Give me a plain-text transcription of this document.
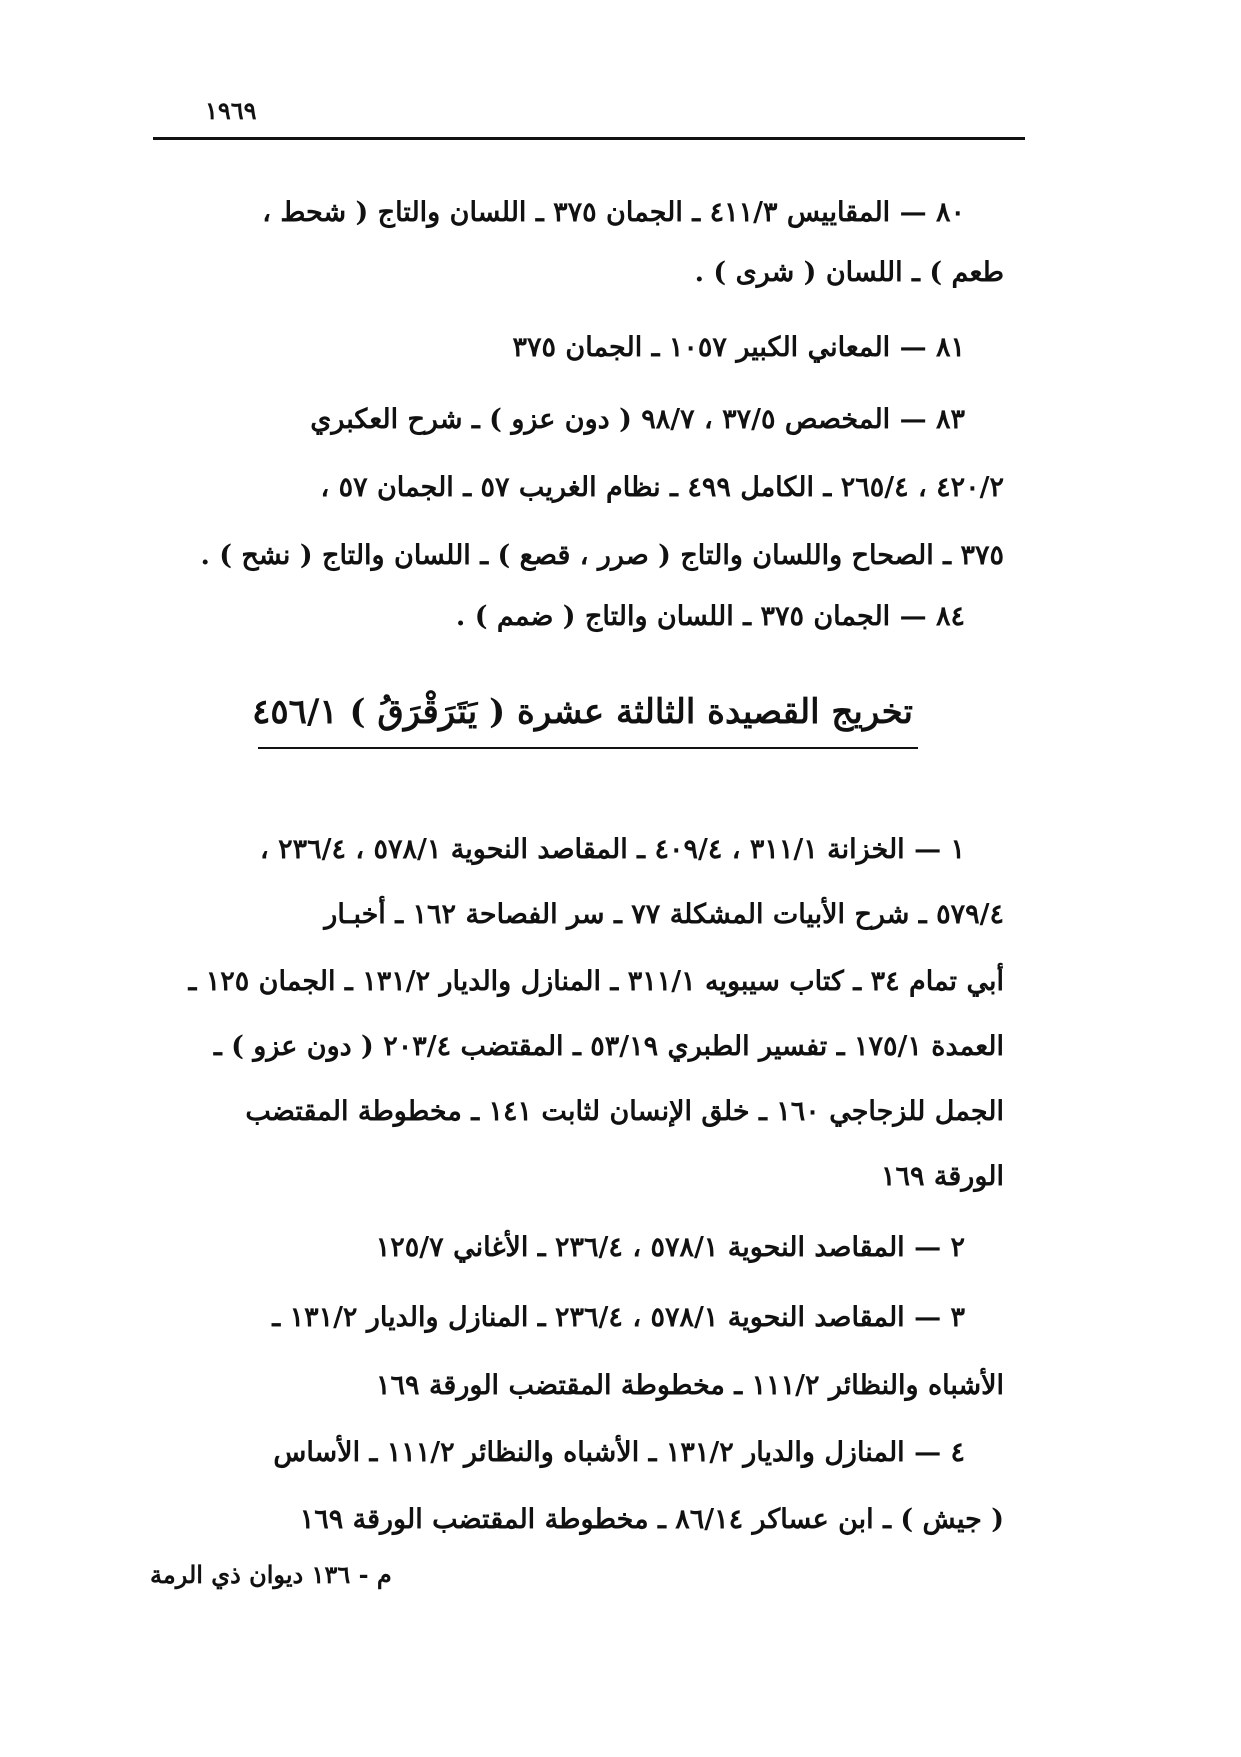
١٩٦٩
٨٠ — المقاييس ٤١١/٣ ـ الجمان ٣٧٥ ـ اللسان والتاج ( شحط ،
طعم ) ـ اللسان ( شرى ) .
٨١ — المعاني الكبير ١٠٥٧ ـ الجمان ٣٧٥
٨٣ — المخصص ٣٧/٥ ، ٩٨/٧ ( دون عزو ) ـ شرح العكبري
٤٢٠/٢ ، ٢٦٥/٤ ـ الكامل ٤٩٩ ـ نظام الغريب ٥٧ ـ الجمان ٥٧ ،
٣٧٥ ـ الصحاح واللسان والتاج ( صرر ، قصع ) ـ اللسان والتاج ( نشح ) .
٨٤ — الجمان ٣٧٥ ـ اللسان والتاج ( ضمم ) .
تخريج القصيدة الثالثة عشرة ( يَتَرَقْرَقُ ) ٤٥٦/١
١ — الخزانة ٣١١/١ ، ٤٠٩/٤ ـ المقاصد النحوية ٥٧٨/١ ، ٢٣٦/٤ ،
٥٧٩/٤ ـ شرح الأبيات المشكلة ٧٧ ـ سر الفصاحة ١٦٢ ـ أخبـار
أبي تمام ٣٤ ـ كتاب سيبويه ٣١١/١ ـ المنازل والديار ١٣١/٢ ـ الجمان ١٢٥ ـ
العمدة ١٧٥/١ ـ تفسير الطبري ٥٣/١٩ ـ المقتضب ٢٠٣/٤ ( دون عزو ) ـ
الجمل للزجاجي ١٦٠ ـ خلق الإنسان لثابت ١٤١ ـ مخطوطة المقتضب
الورقة ١٦٩
٢ — المقاصد النحوية ٥٧٨/١ ، ٢٣٦/٤ ـ الأغاني ١٢٥/٧
٣ — المقاصد النحوية ٥٧٨/١ ، ٢٣٦/٤ ـ المنازل والديار ١٣١/٢ ـ
الأشباه والنظائر ١١١/٢ ـ مخطوطة المقتضب الورقة ١٦٩
٤ — المنازل والديار ١٣١/٢ ـ الأشباه والنظائر ١١١/٢ ـ الأساس
( جيش ) ـ ابن عساكر ٨٦/١٤ ـ مخطوطة المقتضب الورقة ١٦٩
م - ١٣٦ ديوان ذي الرمة
